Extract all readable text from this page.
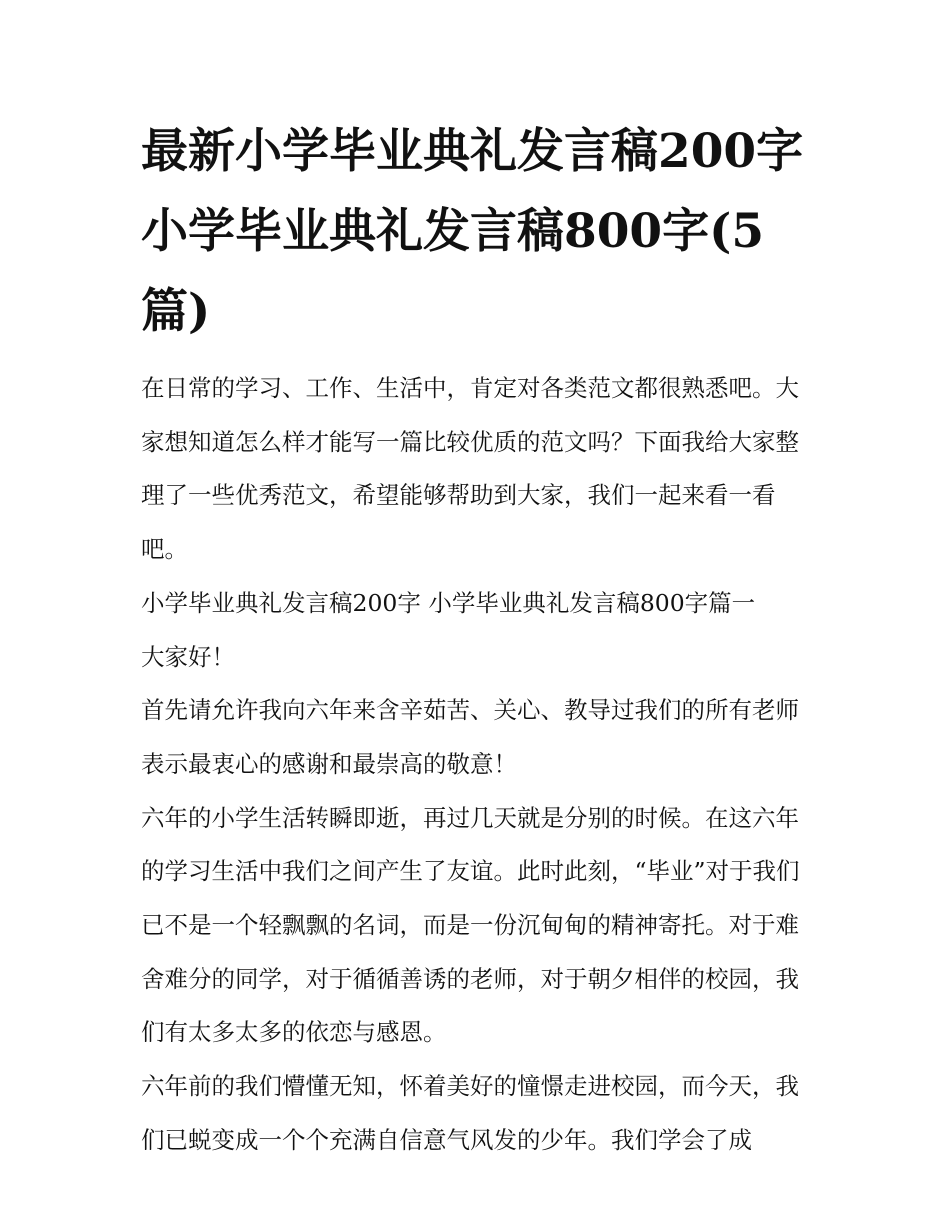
最新小学毕业典礼发言稿200字 小学毕业典礼发言稿800字(5篇)

在日常的学习、工作、生活中，肯定对各类范文都很熟悉吧。大家想知道怎么样才能写一篇比较优质的范文吗？下面我给大家整理了一些优秀范文，希望能够帮助到大家，我们一起来看一看吧。

小学毕业典礼发言稿200字 小学毕业典礼发言稿800字篇一

大家好！

首先请允许我向六年来含辛茹苦、关心、教导过我们的所有老师表示最衷心的感谢和最崇高的敬意！

六年的小学生活转瞬即逝，再过几天就是分别的时候。在这六年的学习生活中我们之间产生了友谊。此时此刻，“毕业”对于我们已不是一个轻飘飘的名词，而是一份沉甸甸的精神寄托。对于难舍难分的同学，对于循循善诱的老师，对于朝夕相伴的校园，我们有太多太多的依恋与感恩。

六年前的我们懵懂无知，怀着美好的憧憬走进校园，而今天，我们已蜕变成一个个充满自信意气风发的少年。我们学会了成
